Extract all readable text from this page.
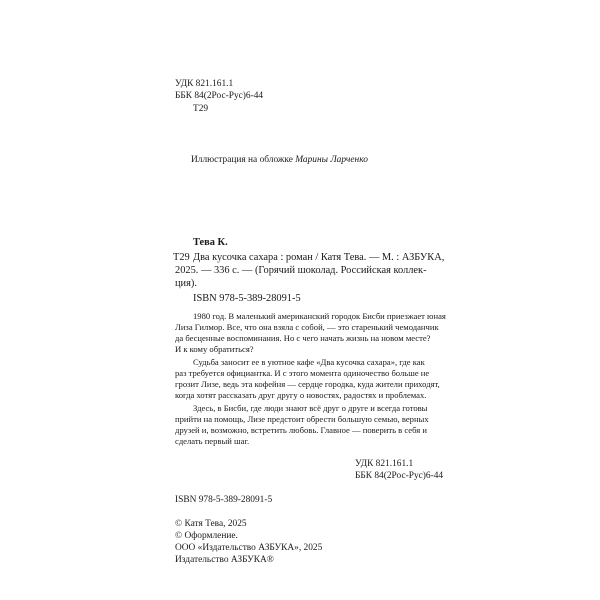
УДК 821.161.1
ББК 84(2Рос-Рус)6-44
Т29
Иллюстрация на обложке Марины Ларченко
Тева К.
Т29 Два кусочка сахара : роман / Катя Тева. — М. : АЗБУКА,
2025. — 336 с. — (Горячий шоколад. Российская коллек-
ция).
ISBN 978-5-389-28091-5
1980 год. В маленький американский городок Бисби приезжает юная
Лиза Гилмор. Все, что она взяла с собой, — это старенький чемоданчик
да бесценные воспоминания. Но с чего начать жизнь на новом месте?
И к кому обратиться?
Судьба заносит ее в уютное кафе «Два кусочка сахара», где как
раз требуется официантка. И с этого момента одиночество больше не
грозит Лизе, ведь эта кофейня — сердце городка, куда жители приходят,
когда хотят рассказать друг другу о новостях, радостях и проблемах.
Здесь, в Бисби, где люди знают всё друг о друге и всегда готовы
прийти на помощь, Лизе предстоит обрести большую семью, верных
друзей и, возможно, встретить любовь. Главное — поверить в себя и
сделать первый шаг.
УДК 821.161.1
ББК 84(2Рос-Рус)6-44
ISBN 978-5-389-28091-5
© Катя Тева, 2025
© Оформление.
ООО «Издательство АЗБУКА», 2025
Издательство АЗБУКА®
